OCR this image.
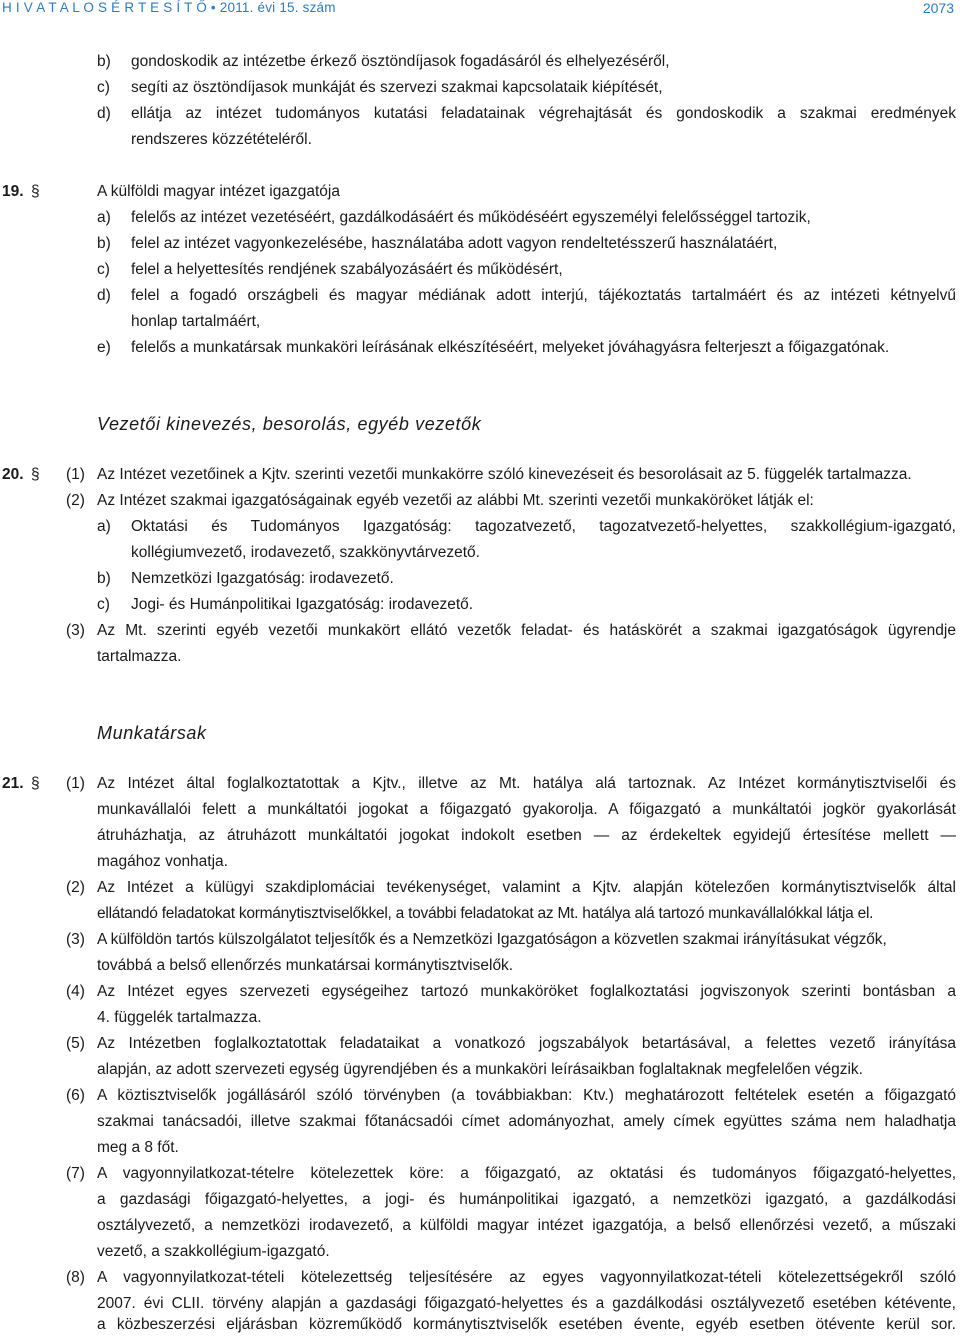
H I V A T A L O S É R T E S Í T Ő • 2011. évi 15. szám	2073
b) gondoskodik az intézetbe érkező ösztöndíjasok fogadásáról és elhelyezéséről,
c) segíti az ösztöndíjasok munkáját és szervezi szakmai kapcsolataik kiépítését,
d) ellátja az intézet tudományos kutatási feladatainak végrehajtását és gondoskodik a szakmai eredmények
rendszeres közzétételéről.
19. §	A külföldi magyar intézet igazgatója
a) felelős az intézet vezetéséért, gazdálkodásáért és működéséért egyszemélyi felelősséggel tartozik,
b) felel az intézet vagyonkezelésébe, használatába adott vagyon rendeltetésszerű használatáért,
c) felel a helyettesítés rendjének szabályozásáért és működésért,
d) felel a fogadó országbeli és magyar médiának adott interjú, tájékoztatás tartalmáért és az intézeti kétnyelvű
honlap tartalmáért,
e) felelős a munkatársak munkaköri leírásának elkészítéséért, melyeket jóváhagyásra felterjeszt a főigazgatónak.
Vezetői kinevezés, besorolás, egyéb vezetők
20. § (1) Az Intézet vezetőinek a Kjtv. szerinti vezetői munkakörre szóló kinevezéseit és besorolásait az 5. függelék tartalmazza.
(2) Az Intézet szakmai igazgatóságainak egyéb vezetői az alábbi Mt. szerinti vezetői munkaköröket látják el:
a) Oktatási és Tudományos Igazgatóság: tagozatvezető, tagozatvezető-helyettes, szakkollégium-igazgató,
kollégiumvezető, irodavezető, szakkönyvtárvezető.
b) Nemzetközi Igazgatóság: irodavezető.
c) Jogi- és Humánpolitikai Igazgatóság: irodavezető.
(3) Az Mt. szerinti egyéb vezetői munkakört ellátó vezetők feladat- és hatáskörét a szakmai igazgatóságok ügyrendje
tartalmazza.
Munkatársak
21. § (1) Az Intézet által foglalkoztatottak a Kjtv., illetve az Mt. hatálya alá tartoznak. Az Intézet kormánytisztviselői és
munkavállalói felett a munkáltatói jogokat a főigazgató gyakorolja. A főigazgató a munkáltatói jogkör gyakorlását
átruházhatja, az átruházott munkáltatói jogokat indokolt esetben — az érdekeltek egyidejű értesítése mellett —
magához vonhatja.
(2) Az Intézet a külügyi szakdiplomáciai tevékenységet, valamint a Kjtv. alapján kötelezően kormánytisztviselők által
ellátandó feladatokat kormánytisztviselőkkel, a további feladatokat az Mt. hatálya alá tartozó munkavállalókkal látja el.
(3) A külföldön tartós külszolgálatot teljesítők és a Nemzetközi Igazgatóságon a közvetlen szakmai irányításukat végzők,
továbbá a belső ellenőrzés munkatársai kormánytisztviselők.
(4) Az Intézet egyes szervezeti egységeihez tartozó munkaköröket foglalkoztatási jogviszonyok szerinti bontásban a
4. függelék tartalmazza.
(5) Az Intézetben foglalkoztatottak feladataikat a vonatkozó jogszabályok betartásával, a felettes vezető irányítása
alapján, az adott szervezeti egység ügyrendjében és a munkaköri leírásaikban foglaltaknak megfelelően végzik.
(6) A köztisztviselők jogállásáról szóló törvényben (a továbbiakban: Ktv.) meghatározott feltételek esetén a főigazgató
szakmai tanácsadói, illetve szakmai főtanácsadói címet adományozhat, amely címek együttes száma nem haladhatja
meg a 8 főt.
(7) A vagyonnyilatkozat-tételre kötelezettek köre: a főigazgató, az oktatási és tudományos főigazgató-helyettes,
a gazdasági főigazgató-helyettes, a jogi- és humánpolitikai igazgató, a nemzetközi igazgató, a gazdálkodási
osztályvezető, a nemzetközi irodavezető, a külföldi magyar intézet igazgatója, a belső ellenőrzési vezető, a műszaki
vezető, a szakkollégium-igazgató.
(8) A vagyonnyilatkozat-tételi kötelezettség teljesítésére az egyes vagyonnyilatkozat-tételi kötelezettségekről szóló
2007. évi CLII. törvény alapján a gazdasági főigazgató-helyettes és a gazdálkodási osztályvezető esetében kétévente,
a közbeszerzési eljárásban közreműködő kormánytisztviselők esetében évente, egyéb esetben ötévente kerül sor.
